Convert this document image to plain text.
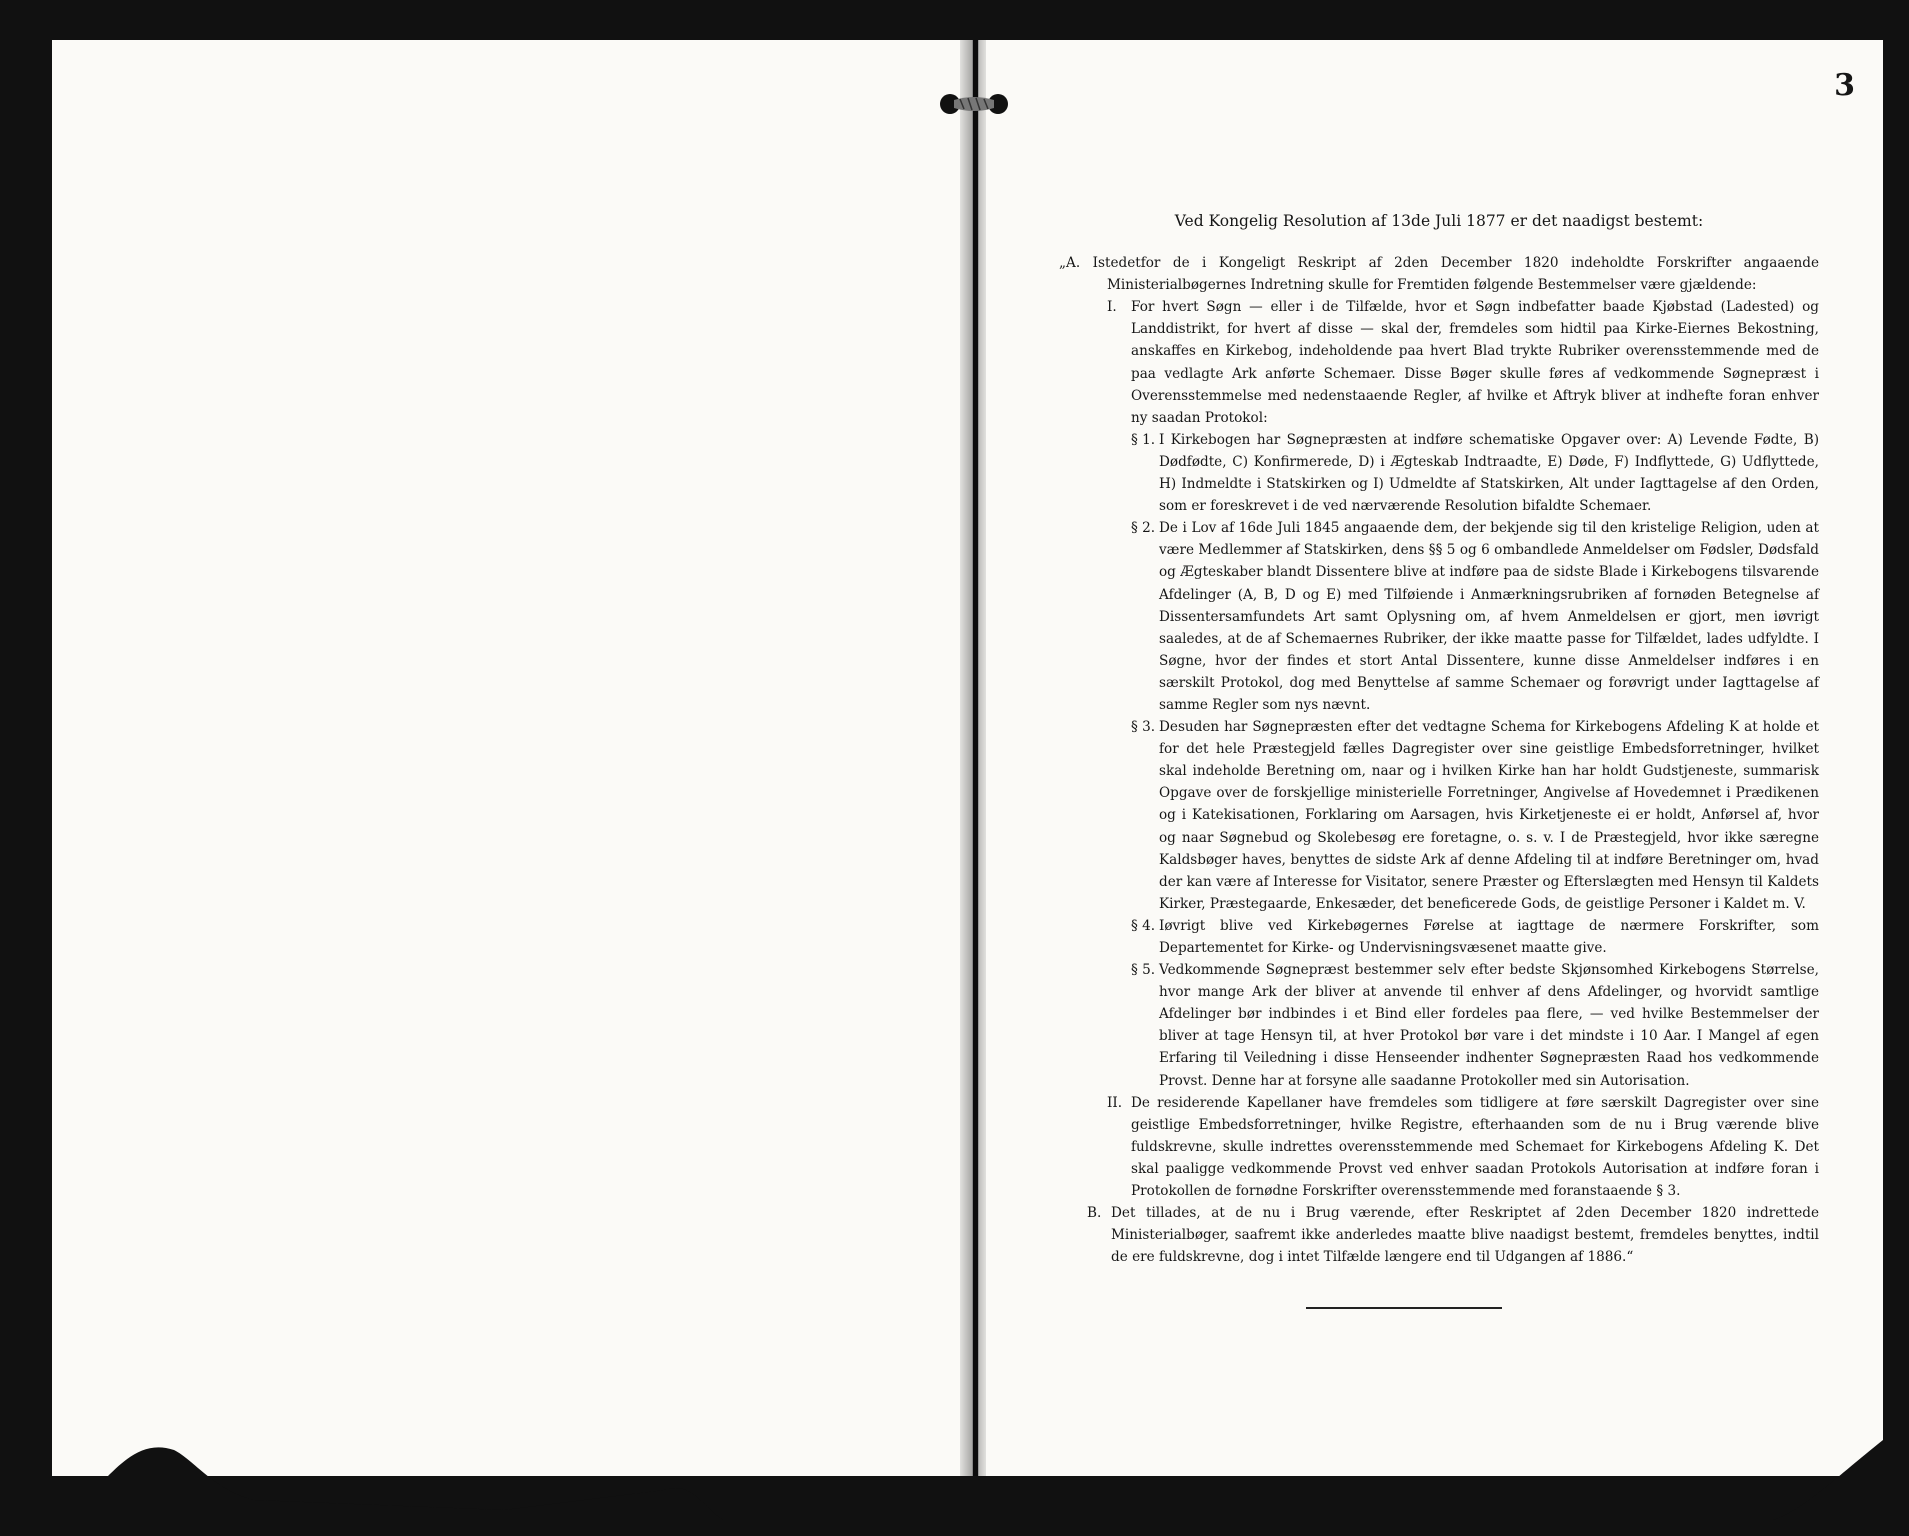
3
Ved Kongelig Resolution af 13de Juli 1877 er det naadigst bestemt:
„A. Istedetfor de i Kongeligt Reskript af 2den December 1820 indeholdte Forskrifter angaaende Ministerialbøgernes Indretning skulle for Fremtiden følgende Bestemmelser være gjældende:
I.	For hvert Søgn — eller i de Tilfælde, hvor et Søgn indbefatter baade Kjøbstad (Ladested) og Landdistrikt, for hvert af disse — skal der, fremdeles som hidtil paa Kirke-Eiernes Bekostning, anskaffes en Kirkebog, indeholdende paa hvert Blad trykte Rubriker overensstemmende med de paa vedlagte Ark anførte Schemaer. Disse Bøger skulle føres af vedkommende Søgnepræst i Overensstemmelse med nedenstaaende Regler, af hvilke et Aftryk bliver at indhefte foran enhver ny saadan Protokol:
§ 1. I Kirkebogen har Søgnepræsten at indføre schematiske Opgaver over: A) Levende Fødte, B) Dødfødte, C) Konfirmerede, D) i Ægteskab Indtraadte, E) Døde, F) Indflyttede, G) Udflyttede, H) Indmeldte i Statskirken og I) Udmeldte af Statskirken, Alt under Iagttagelse af den Orden, som er foreskrevet i de ved nærværende Resolution bifaldte Schemaer.
§ 2. De i Lov af 16de Juli 1845 angaaende dem, der bekjende sig til den kristelige Religion, uden at være Medlemmer af Statskirken, dens §§ 5 og 6 ombandlede Anmeldelser om Fødsler, Dødsfald og Ægteskaber blandt Dissentere blive at indføre paa de sidste Blade i Kirkebogens tilsvarende Afdelinger (A, B, D og E) med Tilføiende i Anmærkningsrubriken af fornøden Betegnelse af Dissentersamfundets Art samt Oplysning om, af hvem Anmeldelsen er gjort, men iøvrigt saaledes, at de af Schemaernes Rubriker, der ikke maatte passe for Tilfældet, lades udfyldte. I Søgne, hvor der findes et stort Antal Dissentere, kunne disse Anmeldelser indføres i en særskilt Protokol, dog med Benyttelse af samme Schemaer og forøvrigt under Iagttagelse af samme Regler som nys nævnt.
§ 3. Desuden har Søgnepræsten efter det vedtagne Schema for Kirkebogens Afdeling K at holde et for det hele Præstegjeld fælles Dagregister over sine geistlige Embedsforretninger, hvilket skal indeholde Beretning om, naar og i hvilken Kirke han har holdt Gudstjeneste, summarisk Opgave over de forskjellige ministerielle Forretninger, Angivelse af Hovedemnet i Prædikenen og i Katekisationen, Forklaring om Aarsagen, hvis Kirketjeneste ei er holdt, Anførsel af, hvor og naar Søgnebud og Skolebesøg ere foretagne, o. s. v. I de Præstegjeld, hvor ikke særegne Kaldsbøger haves, benyttes de sidste Ark af denne Afdeling til at indføre Beretninger om, hvad der kan være af Interesse for Visitator, senere Præster og Efterslægten med Hensyn til Kaldets Kirker, Præstegaarde, Enkesæder, det beneficerede Gods, de geistlige Personer i Kaldet m. V.
§ 4. Iøvrigt blive ved Kirkebøgernes Førelse at iagttage de nærmere Forskrifter, som Departementet for Kirke- og Undervisningsvæsenet maatte give.
§ 5. Vedkommende Søgnepræst bestemmer selv efter bedste Skjønsomhed Kirkebogens Størrelse, hvor mange Ark der bliver at anvende til enhver af dens Afdelinger, og hvorvidt samtlige Afdelinger bør indbindes i et Bind eller fordeles paa flere, — ved hvilke Bestemmelser der bliver at tage Hensyn til, at hver Protokol bør vare i det mindste i 10 Aar. I Mangel af egen Erfaring til Veiledning i disse Henseender indhenter Søgnepræsten Raad hos vedkommende Provst. Denne har at forsyne alle saadanne Protokoller med sin Autorisation.
II. De residerende Kapellaner have fremdeles som tidligere at føre særskilt Dagregister over sine geistlige Embedsforretninger, hvilke Registre, efterhaanden som de nu i Brug værende blive fuldskrevne, skulle indrettes overensstemmende med Schemaet for Kirkebogens Afdeling K. Det skal paaligge vedkommende Provst ved enhver saadan Protokols Autorisation at indføre foran i Protokollen de fornødne Forskrifter overensstemmende med foranstaaende § 3.
B. Det tillades, at de nu i Brug værende, efter Reskriptet af 2den December 1820 indrettede Ministerialbøger, saafremt ikke anderledes maatte blive naadigst bestemt, fremdeles benyttes, indtil de ere fuldskrevne, dog i intet Tilfælde længere end til Udgangen af 1886.“
